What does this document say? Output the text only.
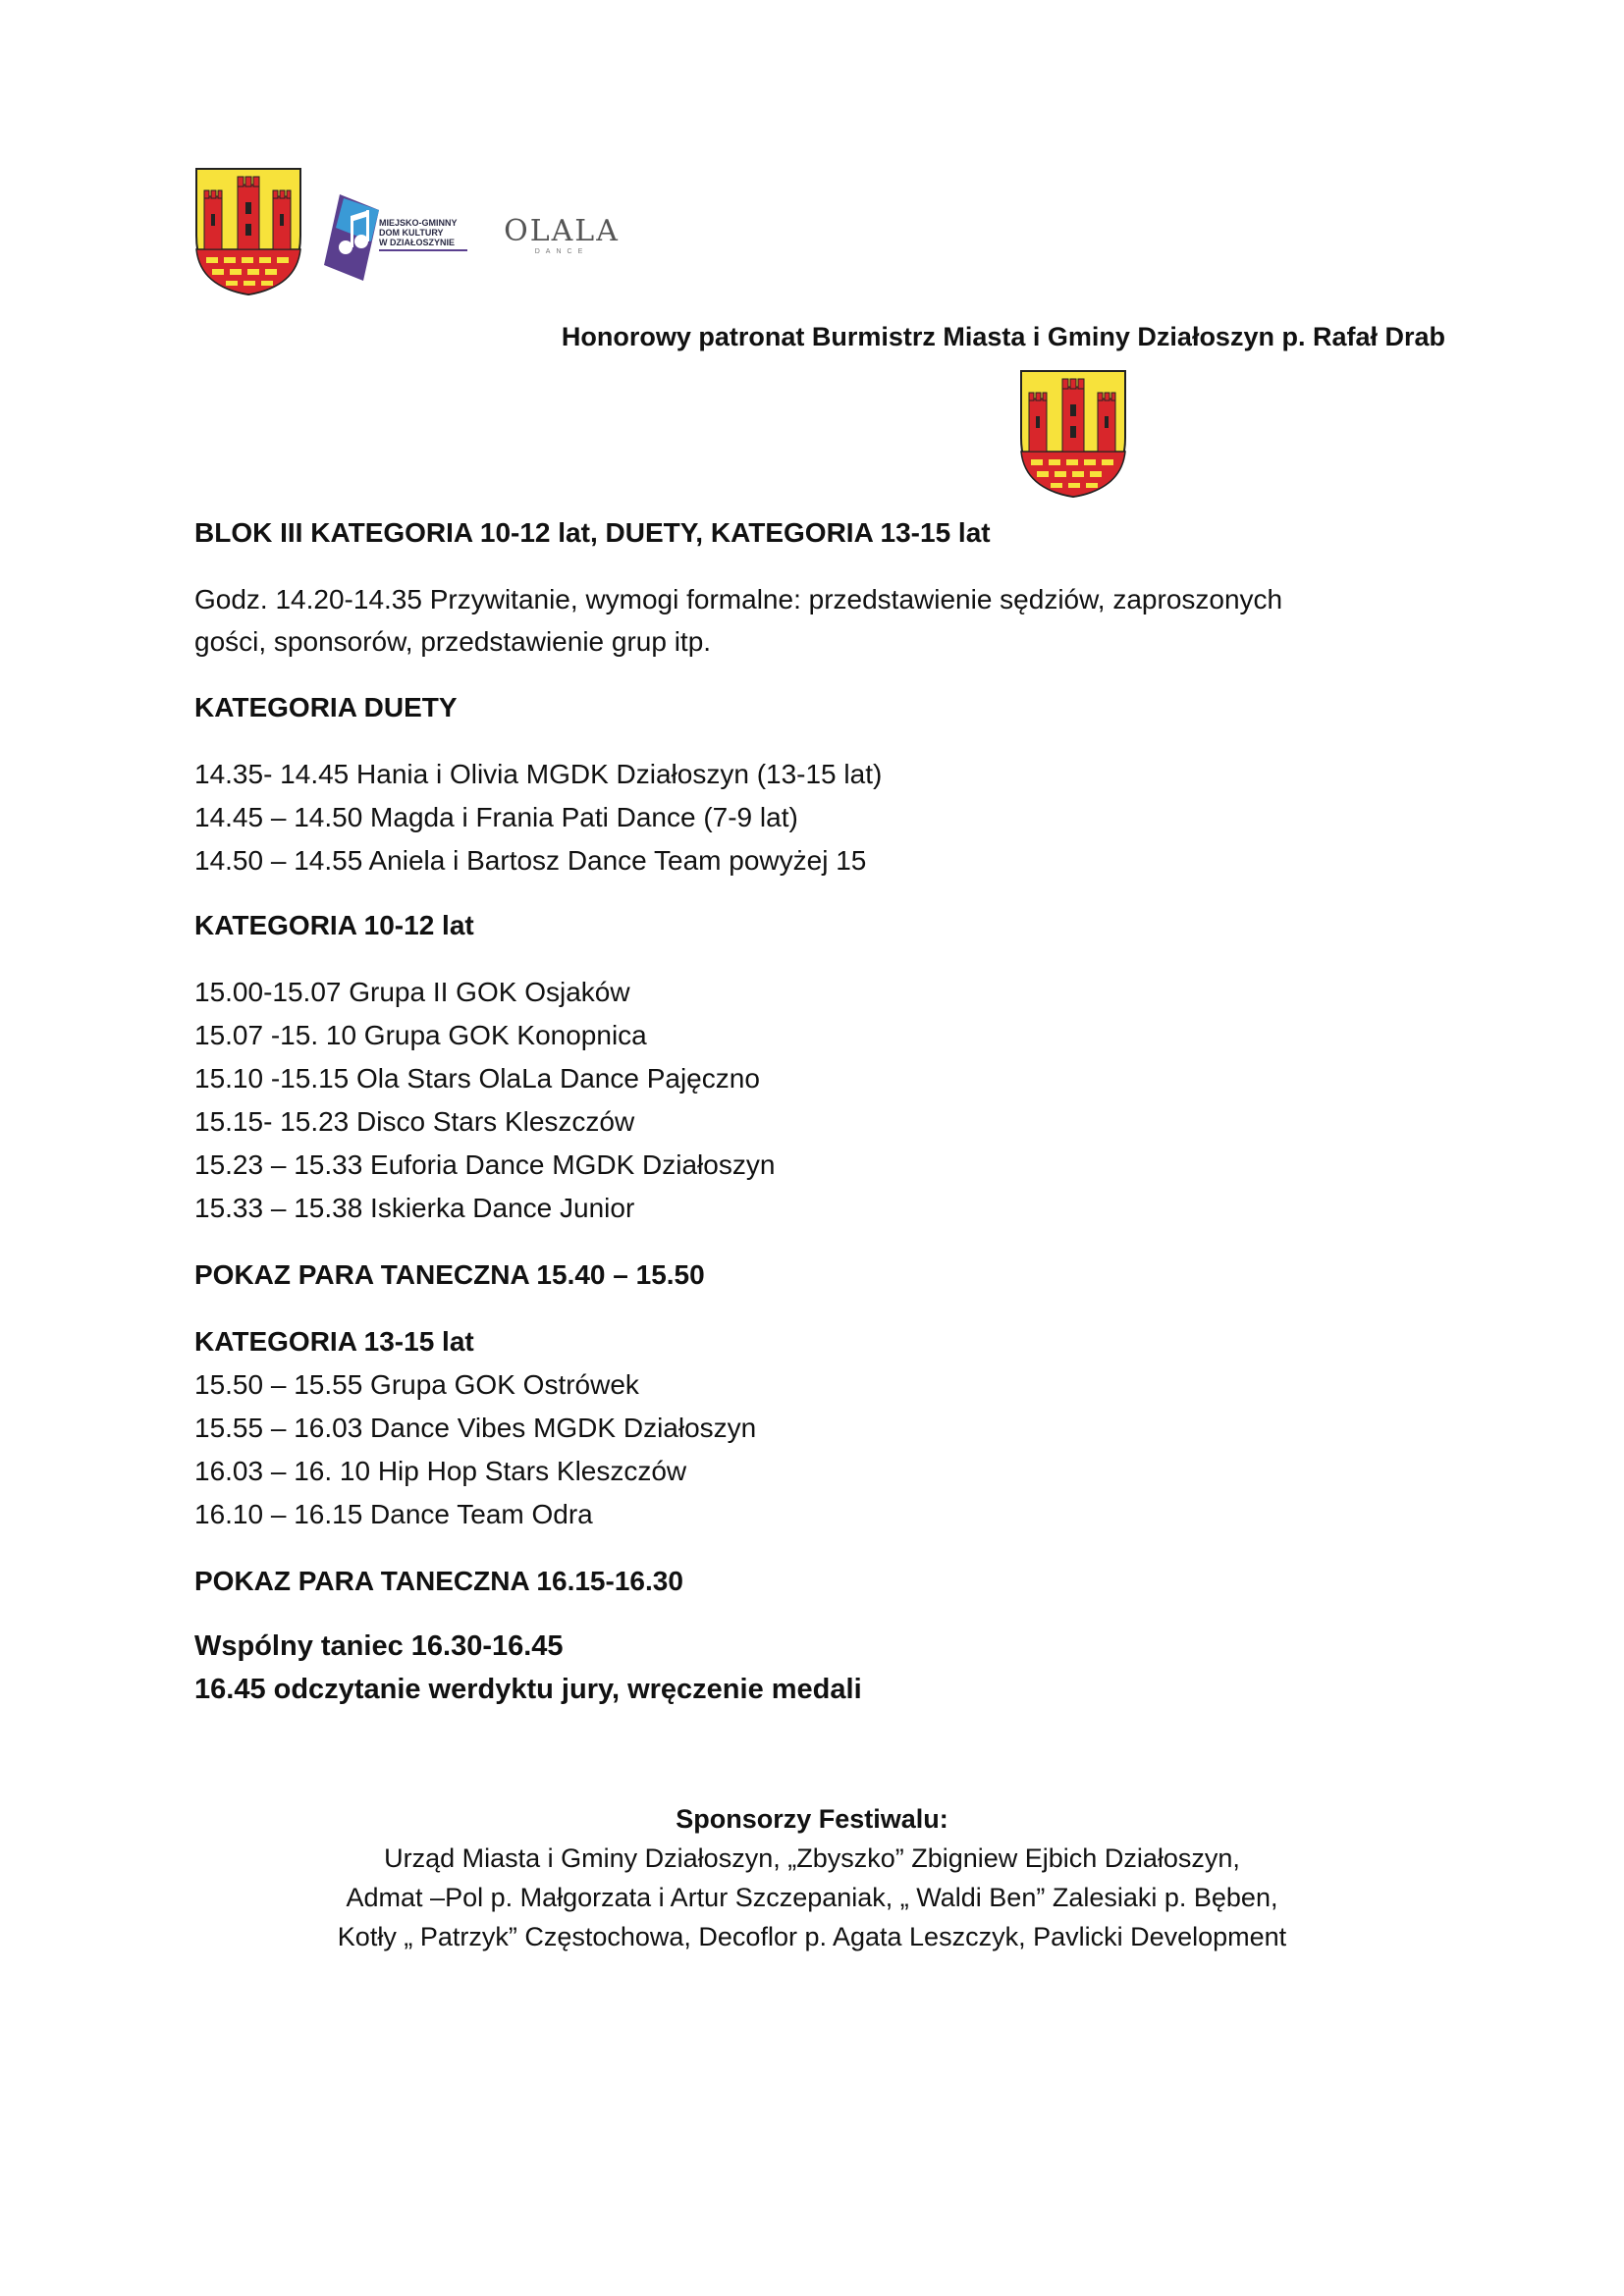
MIEJSKO-GMINNY
DOM KULTURY
W DZIAŁOSZYNIE	OLALA
DANCE
Honorowy patronat Burmistrz Miasta i Gminy Działoszyn p. Rafał Drab
BLOK III KATEGORIA 10-12 lat, DUETY, KATEGORIA 13-15 lat
Godz. 14.20-14.35 Przywitanie, wymogi formalne: przedstawienie sędziów, zaproszonych
gości, sponsorów, przedstawienie grup itp.
KATEGORIA DUETY
14.35- 14.45 Hania i Olivia MGDK Działoszyn (13-15 lat)
14.45 – 14.50 Magda i Frania Pati Dance (7-9 lat)
14.50 – 14.55 Aniela i Bartosz Dance Team powyżej 15
KATEGORIA 10-12 lat
15.00-15.07 Grupa II GOK Osjaków
15.07 -15. 10 Grupa GOK Konopnica
15.10 -15.15 Ola Stars OlaLa Dance Pajęczno
15.15- 15.23 Disco Stars Kleszczów
15.23 – 15.33 Euforia Dance MGDK Działoszyn
15.33 – 15.38 Iskierka Dance Junior
POKAZ PARA TANECZNA 15.40 – 15.50
KATEGORIA 13-15 lat
15.50 – 15.55 Grupa GOK Ostrówek
15.55 – 16.03 Dance Vibes MGDK Działoszyn
16.03 – 16. 10 Hip Hop Stars Kleszczów
16.10 – 16.15 Dance Team Odra
POKAZ PARA TANECZNA 16.15-16.30
Wspólny taniec 16.30-16.45
16.45 odczytanie werdyktu jury, wręczenie medali
Sponsorzy Festiwalu:
Urząd Miasta i Gminy Działoszyn, „Zbyszko” Zbigniew Ejbich Działoszyn,
Admat –Pol p. Małgorzata i Artur Szczepaniak, „ Waldi Ben” Zalesiaki p. Bęben,
Kotły „ Patrzyk” Częstochowa, Decoflor p. Agata Leszczyk, Pavlicki Development
